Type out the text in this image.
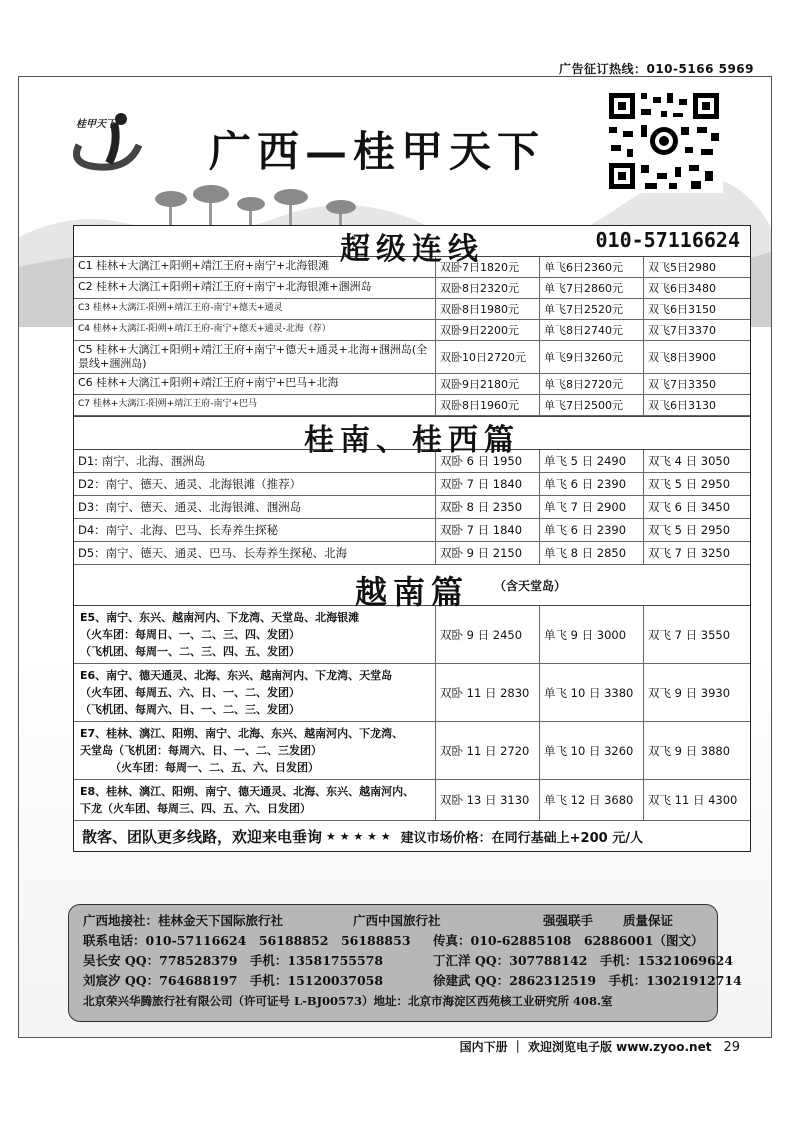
广告征订热线：010-5166 5969
桂甲天下
广西—桂甲天下
超级连线	010-57116624
C1 桂林+大漓江+阳朔+靖江王府+南宁+北海银滩	双卧7日1820元	单飞6日2360元	双飞5日2980
C2 桂林+大漓江+阳朔+靖江王府+南宁+北海银滩+涠洲岛	双卧8日2320元	单飞7日2860元	双飞6日3480
C3 桂林+大漓江-阳朔+靖江王府-南宁+德天+通灵	双卧8日1980元	单飞7日2520元	双飞6日3150
C4 桂林+大漓江-阳朔+靖江王府-南宁+德天+通灵-北海（荐）	双卧9日2200元	单飞8日2740元	双飞7日3370
C5 桂林+大漓江+阳朔+靖江王府+南宁+德天+通灵+北海+涠洲岛(全景线+涠洲岛)	双卧10日2720元	单飞9日3260元	双飞8日3900
C6 桂林+大漓江+阳朔+靖江王府+南宁+巴马+北海	双卧9日2180元	单飞8日2720元	双飞7日3350
C7 桂林+大漓江-阳朔+靖江王府-南宁+巴马	双卧8日1960元	单飞7日2500元	双飞6日3130
桂南、桂西篇
D1: 南宁、北海、涠洲岛	双卧 6 日 1950	单飞 5 日 2490	双飞 4 日 3050
D2：南宁、德天、通灵、北海银滩（推荐）	双卧 7 日 1840	单飞 6 日 2390	双飞 5 日 2950
D3：南宁、德天、通灵、北海银滩、涠洲岛	双卧 8 日 2350	单飞 7 日 2900	双飞 6 日 3450
D4：南宁、北海、巴马、长寿养生探秘	双卧 7 日 1840	单飞 6 日 2390	双飞 5 日 2950
D5：南宁、德天、通灵、巴马、长寿养生探秘、北海	双卧 9 日 2150	单飞 8 日 2850	双飞 7 日 3250
越南篇 （含天堂岛）
E5、南宁、东兴、越南河内、下龙湾、天堂岛、北海银滩
（火车团：每周日、一、二、三、四、发团）
（飞机团、每周一、二、三、四、五、发团）
双卧 9 日 2450	单飞 9 日 3000	双飞 7 日 3550
E6、南宁、德天通灵、北海、东兴、越南河内、下龙湾、天堂岛
（火车团、每周五、六、日、一、二、发团）
（飞机团、每周六、日、一、二、三、发团）
双卧 11 日 2830	单飞 10 日 3380	双飞 9 日 3930
E7、桂林、漓江、阳朔、南宁、北海、东兴、越南河内、下龙湾、
天堂岛（飞机团：每周六、日、一、二、三发团）
（火车团：每周一、二、五、六、日发团）
双卧 11 日 2720	单飞 10 日 3260	双飞 9 日 3880
E8、桂林、漓江、阳朔、南宁、德天通灵、北海、东兴、越南河内、
下龙（火车团、每周三、四、五、六、日发团）
双卧 13 日 3130	单飞 12 日 3680	双飞 11 日 4300
散客、团队更多线路，欢迎来电垂询 ★ ★ ★ ★ ★ 建议市场价格：在同行基础上+200 元/人
广西地接社：桂林金天下国际旅行社	广西中国旅行社	强强联手 质量保证
联系电话：010-57116624　56188852　56188853 传真：010-62885108　62886001（图文）
吴长安 QQ：778528379　手机：13581755578	丁汇洋 QQ：307788142　手机：15321069624
刘宸汐 QQ：764688197　手机：15120037058	徐建武 QQ：2862312519　手机：13021912714
北京荣兴华腾旅行社有限公司（许可证号 L-BJ00573）地址：北京市海淀区西苑核工业研究所 408.室
国内下册 ｜ 欢迎浏览电子版 www.zyoo.net 29
